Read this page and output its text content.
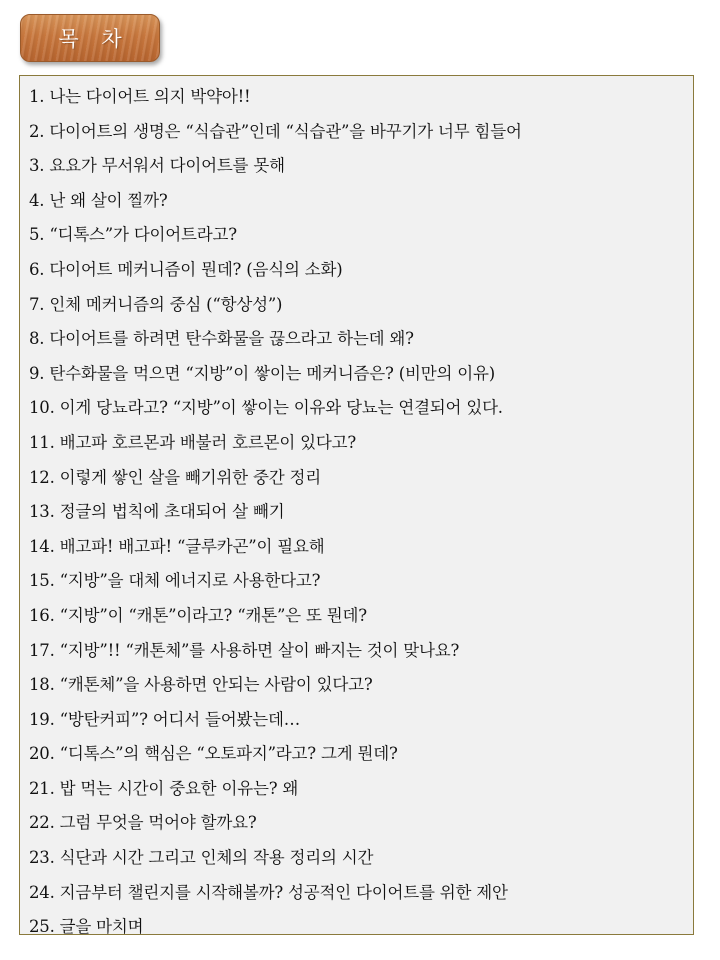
목 차
1. 나는 다이어트 의지 박약아!!
2. 다이어트의 생명은 “식습관”인데 “식습관”을 바꾸기가 너무 힘들어
3. 요요가 무서워서 다이어트를 못해
4. 난 왜 살이 찔까?
5. “디톡스”가 다이어트라고?
6. 다이어트 메커니즘이 뭔데? (음식의 소화)
7. 인체 메커니즘의 중심 (“항상성”)
8. 다이어트를 하려면 탄수화물을 끊으라고 하는데 왜?
9. 탄수화물을 먹으면 “지방”이 쌓이는 메커니즘은? (비만의 이유)
10. 이게 당뇨라고? “지방”이 쌓이는 이유와 당뇨는 연결되어 있다.
11. 배고파 호르몬과 배불러 호르몬이 있다고?
12. 이렇게 쌓인 살을 빼기위한 중간 정리
13. 정글의 법칙에 초대되어 살 빼기
14. 배고파! 배고파! “글루카곤”이 필요해
15. “지방”을 대체 에너지로 사용한다고?
16. “지방”이 “캐톤”이라고? “캐톤”은 또 뭔데?
17. “지방”!! “캐톤체”를 사용하면 살이 빠지는 것이 맞나요?
18. “캐톤체”을 사용하면 안되는 사람이 있다고?
19. “방탄커피”? 어디서 들어봤는데…
20. “디톡스”의 핵심은 “오토파지”라고? 그게 뭔데?
21. 밥 먹는 시간이 중요한 이유는? 왜
22. 그럼 무엇을 먹어야 할까요?
23. 식단과 시간 그리고 인체의 작용 정리의 시간
24. 지금부터 챌린지를 시작해볼까? 성공적인 다이어트를 위한 제안
25. 글을 마치며
